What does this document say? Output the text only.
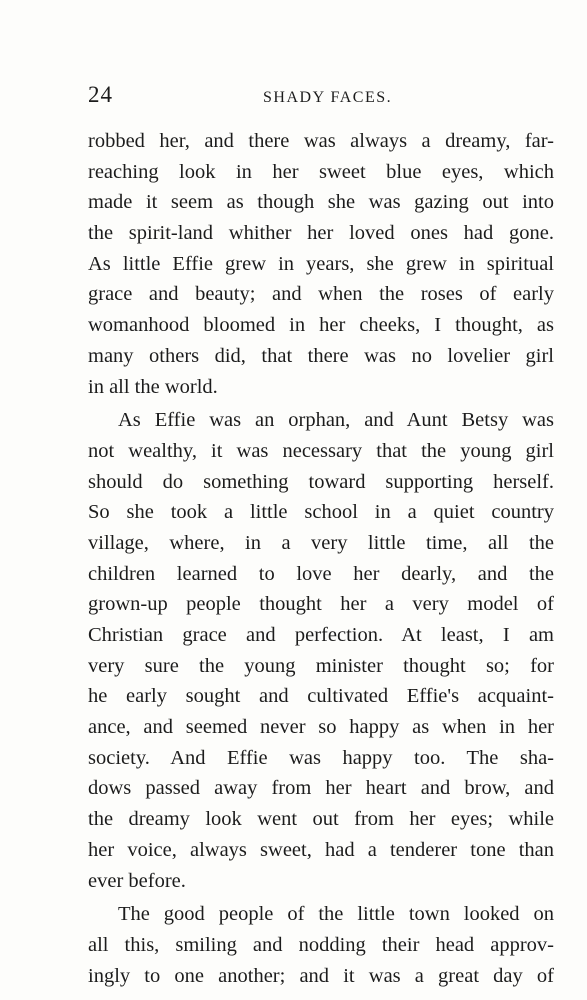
24	SHADY FACES.
robbed her, and there was always a dreamy, far-
reaching look in her sweet blue eyes, which
made it seem as though she was gazing out into
the spirit-land whither her loved ones had gone.
As little Effie grew in years, she grew in spiritual
grace and beauty; and when the roses of early
womanhood bloomed in her cheeks, I thought, as
many others did, that there was no lovelier girl
in all the world.
As Effie was an orphan, and Aunt Betsy was
not wealthy, it was necessary that the young girl
should do something toward supporting herself.
So she took a little school in a quiet country
village, where, in a very little time, all the
children learned to love her dearly, and the
grown-up people thought her a very model of
Christian grace and perfection. At least, I am
very sure the young minister thought so; for
he early sought and cultivated Effie's acquaint-
ance, and seemed never so happy as when in her
society. And Effie was happy too. The sha-
dows passed away from her heart and brow, and
the dreamy look went out from her eyes; while
her voice, always sweet, had a tenderer tone than
ever before.
The good people of the little town looked on
all this, smiling and nodding their head approv-
ingly to one another; and it was a great day of
